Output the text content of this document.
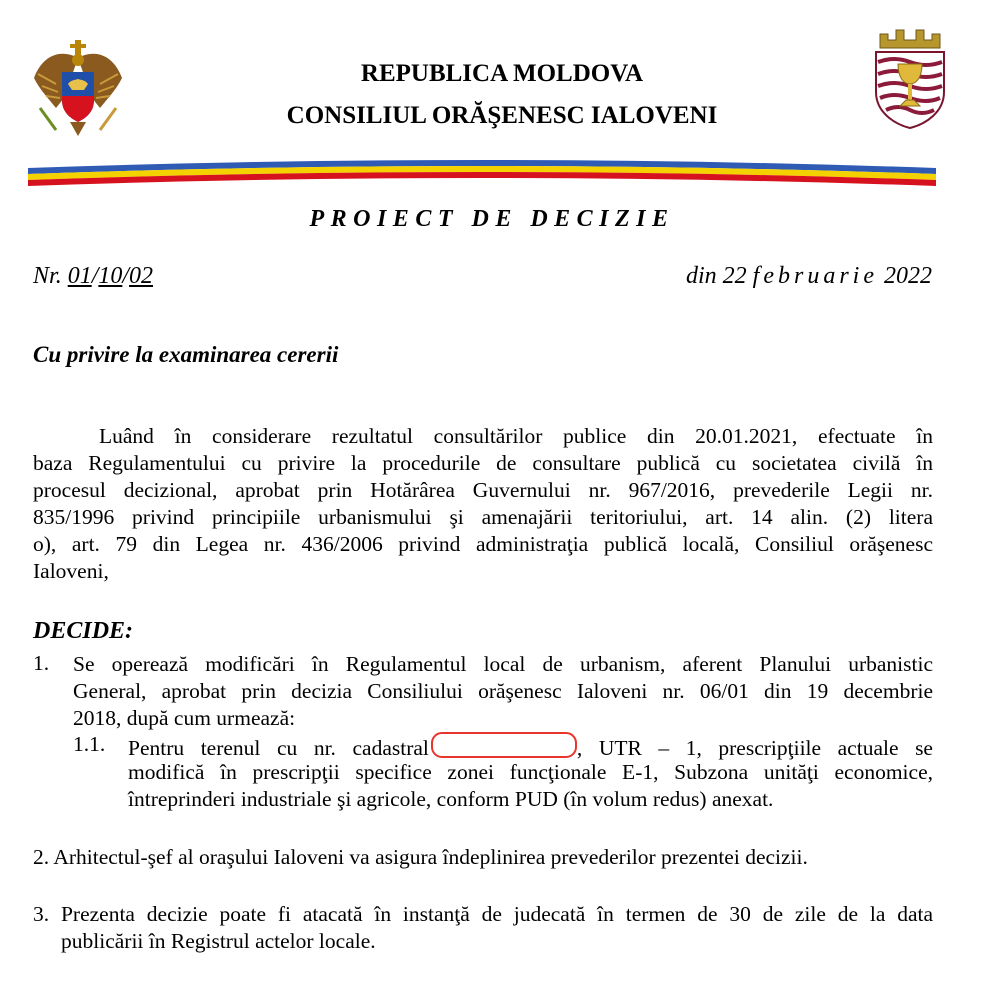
REPUBLICA MOLDOVA
CONSILIUL ORĂŞENESC IALOVENI
PROIECT DE DECIZIE
Nr. 01/10/02	din 22 februarie 2022
Cu privire la examinarea cererii
Luând în considerare rezultatul consultărilor publice din 20.01.2021, efectuate în
baza Regulamentului cu privire la procedurile de consultare publică cu societatea civilă în
procesul decizional, aprobat prin Hotărârea Guvernului nr. 967/2016, prevederile Legii nr.
835/1996 privind principiile urbanismului şi amenajării teritoriului, art. 14 alin. (2) litera
o), art. 79 din Legea nr. 436/2006 privind administraţia publică locală, Consiliul orăşenesc
Ialoveni,
DECIDE:
1. Se operează modificări în Regulamentul local de urbanism, aferent Planului urbanistic
General, aprobat prin decizia Consiliului orăşenesc Ialoveni nr. 06/01 din 19 decembrie
2018, după cum urmează:
1.1. Pentru terenul cu nr. cadastral	, UTR – 1, prescripţiile actuale se
modifică în prescripţii specifice zonei funcţionale E-1, Subzona unităţi economice,
întreprinderi industriale şi agricole, conform PUD (în volum redus) anexat.
2. Arhitectul-şef al oraşului Ialoveni va asigura îndeplinirea prevederilor prezentei decizii.
3. Prezenta decizie poate fi atacată în instanţă de judecată în termen de 30 de zile de la data
publicării în Registrul actelor locale.
